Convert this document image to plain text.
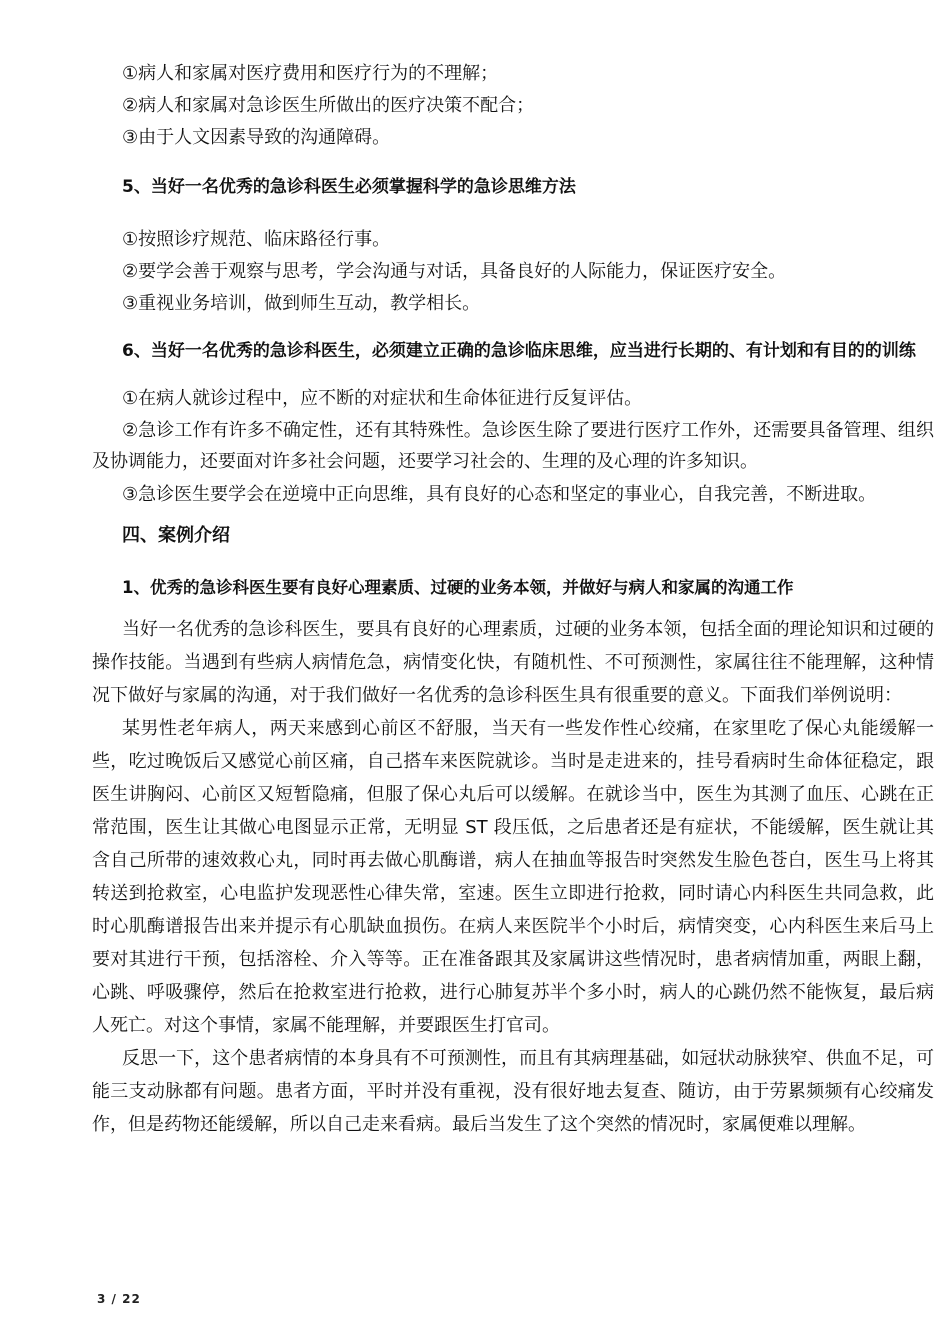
①病人和家属对医疗费用和医疗行为的不理解；

②病人和家属对急诊医生所做出的医疗决策不配合；

③由于人文因素导致的沟通障碍。

5、当好一名优秀的急诊科医生必须掌握科学的急诊思维方法

①按照诊疗规范、临床路径行事。

②要学会善于观察与思考，学会沟通与对话，具备良好的人际能力，保证医疗安全。

③重视业务培训，做到师生互动，教学相长。

6、当好一名优秀的急诊科医生，必须建立正确的急诊临床思维，应当进行长期的、有计划和有目的的训练

①在病人就诊过程中，应不断的对症状和生命体征进行反复评估。

②急诊工作有许多不确定性，还有其特殊性。急诊医生除了要进行医疗工作外，还需要具备管理、组织及协调能力，还要面对许多社会问题，还要学习社会的、生理的及心理的许多知识。

③急诊医生要学会在逆境中正向思维，具有良好的心态和坚定的事业心，自我完善，不断进取。

四、案例介绍

1、优秀的急诊科医生要有良好心理素质、过硬的业务本领，并做好与病人和家属的沟通工作

当好一名优秀的急诊科医生，要具有良好的心理素质，过硬的业务本领，包括全面的理论知识和过硬的操作技能。当遇到有些病人病情危急，病情变化快，有随机性、不可预测性，家属往往不能理解，这种情况下做好与家属的沟通，对于我们做好一名优秀的急诊科医生具有很重要的意义。下面我们举例说明：

某男性老年病人，两天来感到心前区不舒服，当天有一些发作性心绞痛，在家里吃了保心丸能缓解一些，吃过晚饭后又感觉心前区痛，自己搭车来医院就诊。当时是走进来的，挂号看病时生命体征稳定，跟医生讲胸闷、心前区又短暂隐痛，但服了保心丸后可以缓解。在就诊当中，医生为其测了血压、心跳在正常范围，医生让其做心电图显示正常，无明显 ST 段压低，之后患者还是有症状，不能缓解，医生就让其含自己所带的速效救心丸，同时再去做心肌酶谱，病人在抽血等报告时突然发生脸色苍白，医生马上将其转送到抢救室，心电监护发现恶性心律失常，室速。医生立即进行抢救，同时请心内科医生共同急救，此时心肌酶谱报告出来并提示有心肌缺血损伤。在病人来医院半个小时后，病情突变，心内科医生来后马上要对其进行干预，包括溶栓、介入等等。正在准备跟其及家属讲这些情况时，患者病情加重，两眼上翻，心跳、呼吸骤停，然后在抢救室进行抢救，进行心肺复苏半个多小时，病人的心跳仍然不能恢复，最后病人死亡。对这个事情，家属不能理解，并要跟医生打官司。

反思一下，这个患者病情的本身具有不可预测性，而且有其病理基础，如冠状动脉狭窄、供血不足，可能三支动脉都有问题。患者方面，平时并没有重视，没有很好地去复查、随访，由于劳累频频有心绞痛发作，但是药物还能缓解，所以自己走来看病。最后当发生了这个突然的情况时，家属便难以理解。

3 / 22
